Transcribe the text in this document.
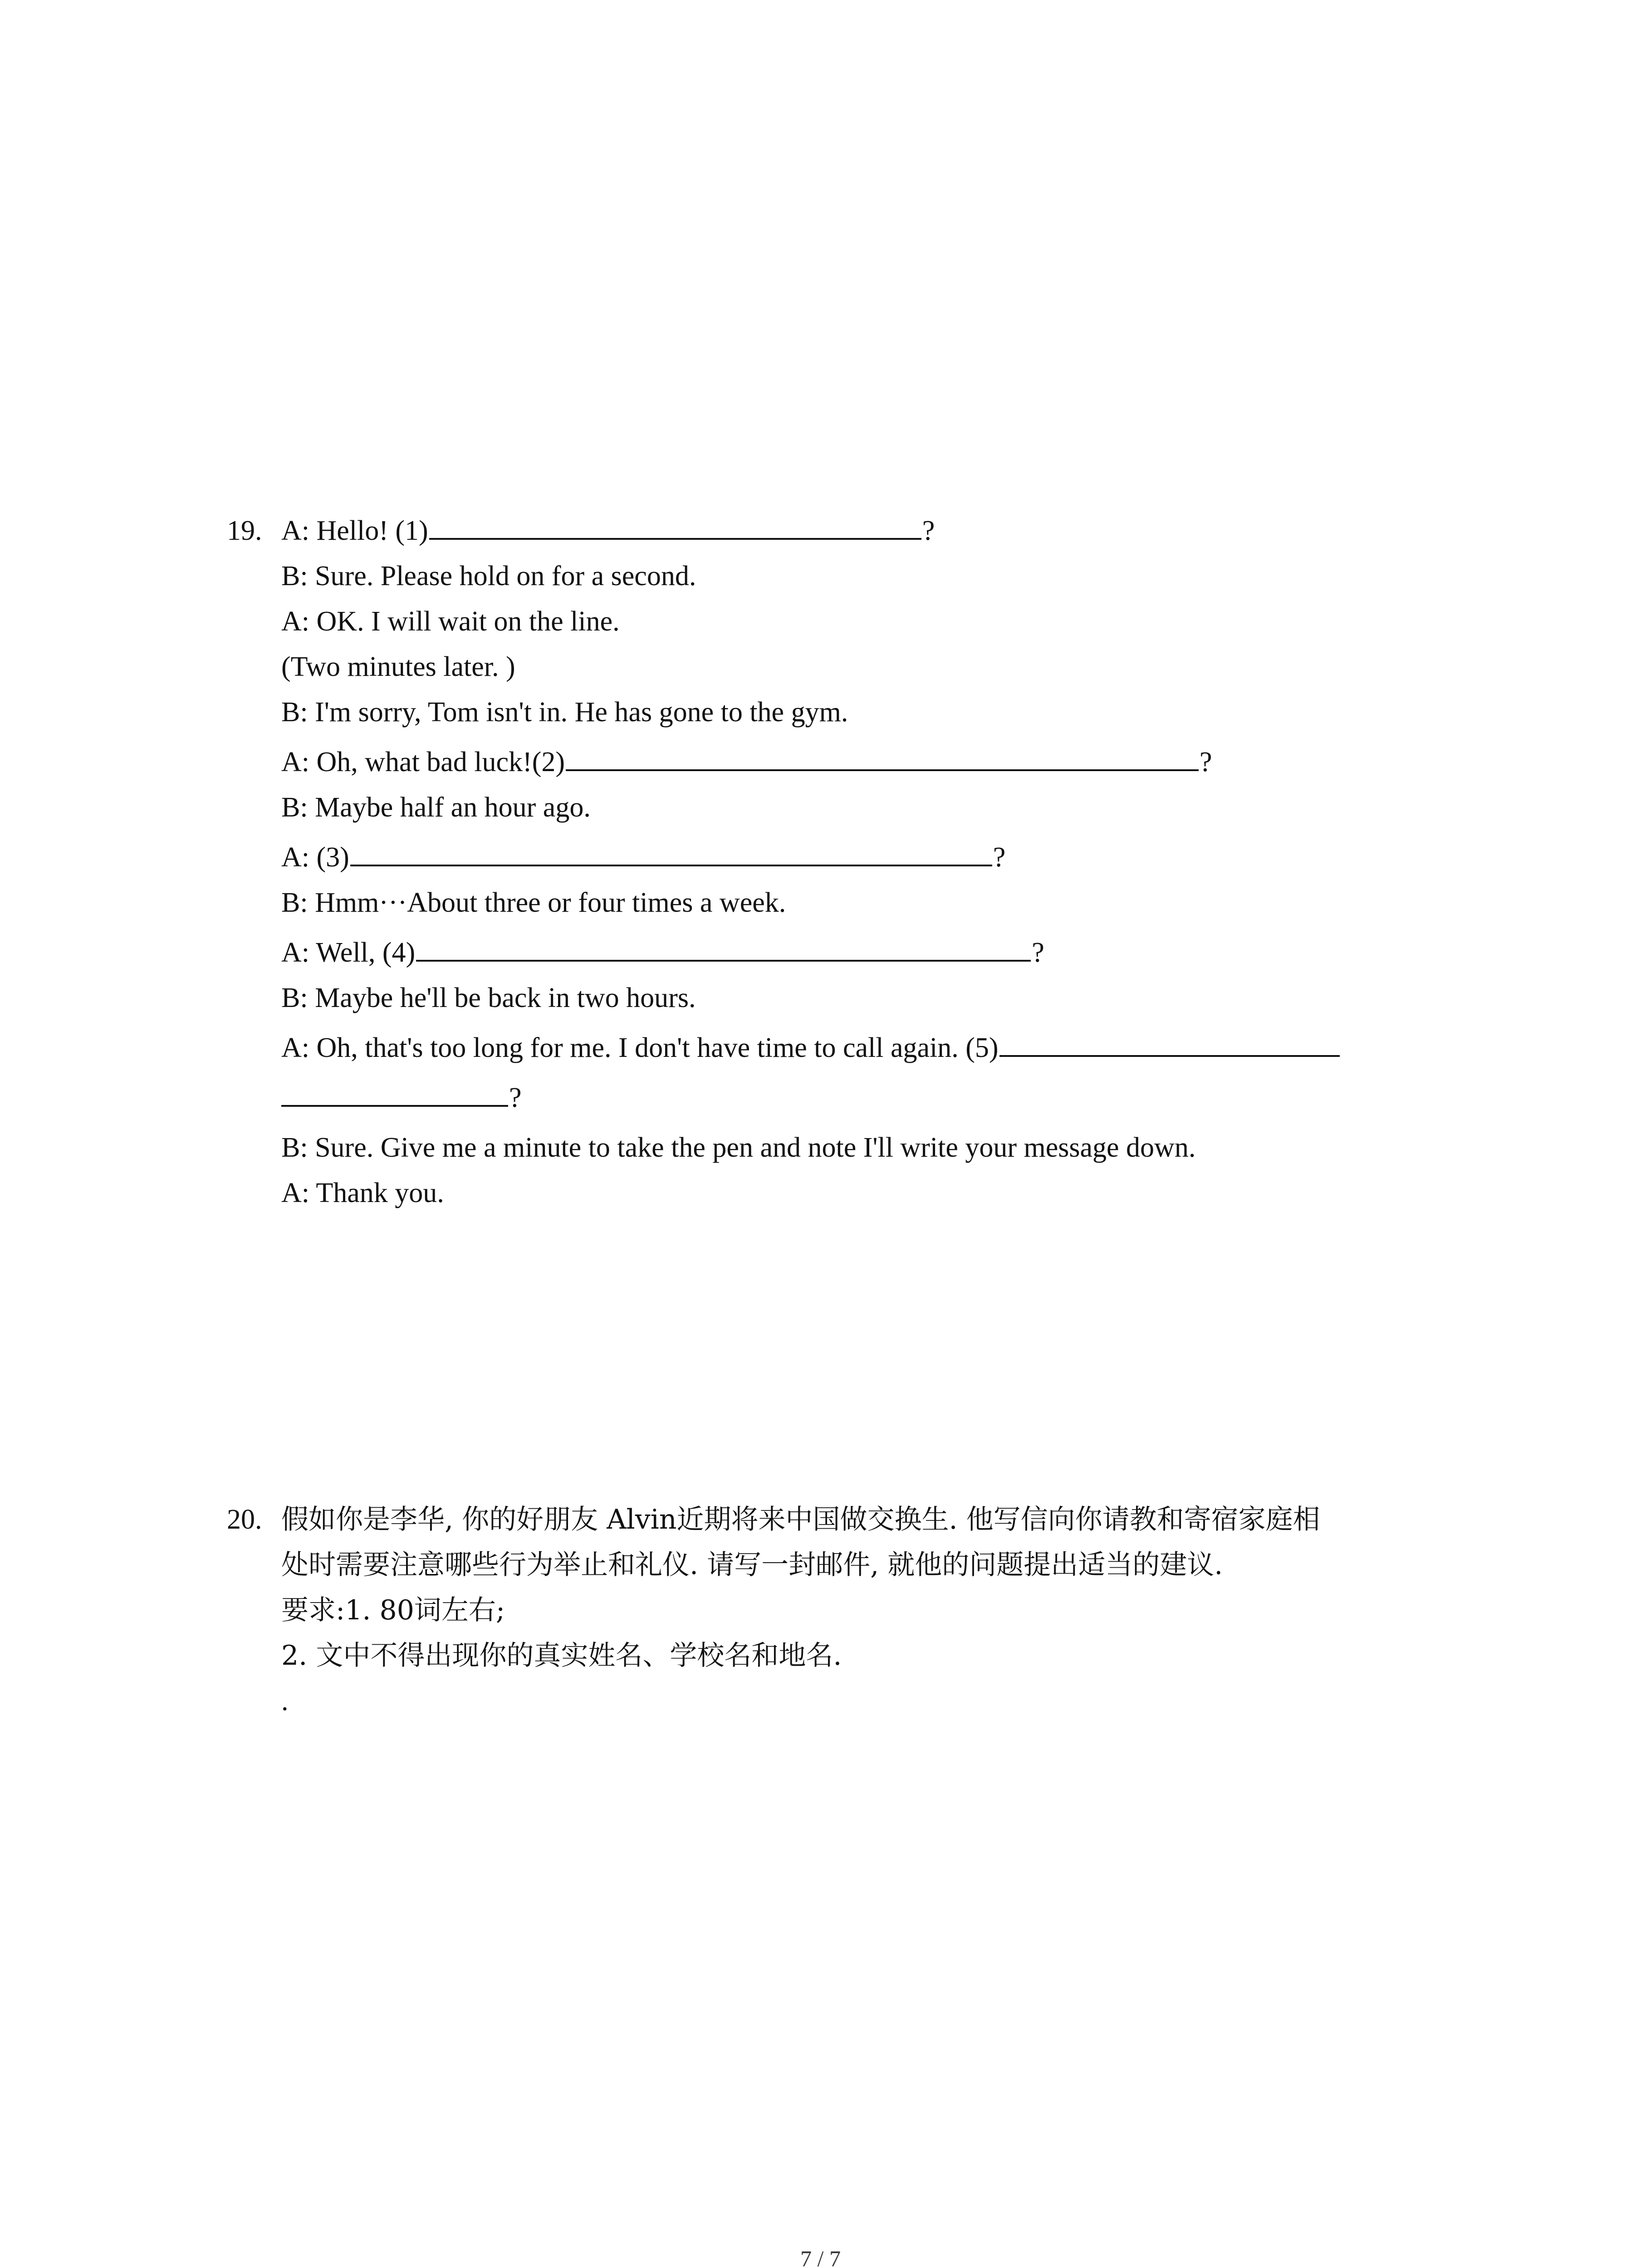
19. A: Hello! (1)	?
B: Sure. Please hold on for a second.
A: OK. I will wait on the line.
(Two minutes later. )
B: I'm sorry, Tom isn't in. He has gone to the gym.
A: Oh, what bad luck!(2)	?
B: Maybe half an hour ago.
A: (3)	?
B: Hmm···About three or four times a week.
A: Well, (4)	?
B: Maybe he'll be back in two hours.
A: Oh, that's too long for me. I don't have time to call again. (5)
?
B: Sure. Give me a minute to take the pen and note I'll write your message down.
A: Thank you.
20. 假如你是李华, 你的好朋友 Alvin近期将来中国做交换生. 他写信向你请教和寄宿家庭相
处时需要注意哪些行为举止和礼仪. 请写一封邮件, 就他的问题提出适当的建议.
要求:1. 80词左右;
2. 文中不得出现你的真实姓名、学校名和地名.
.
7 / 7
